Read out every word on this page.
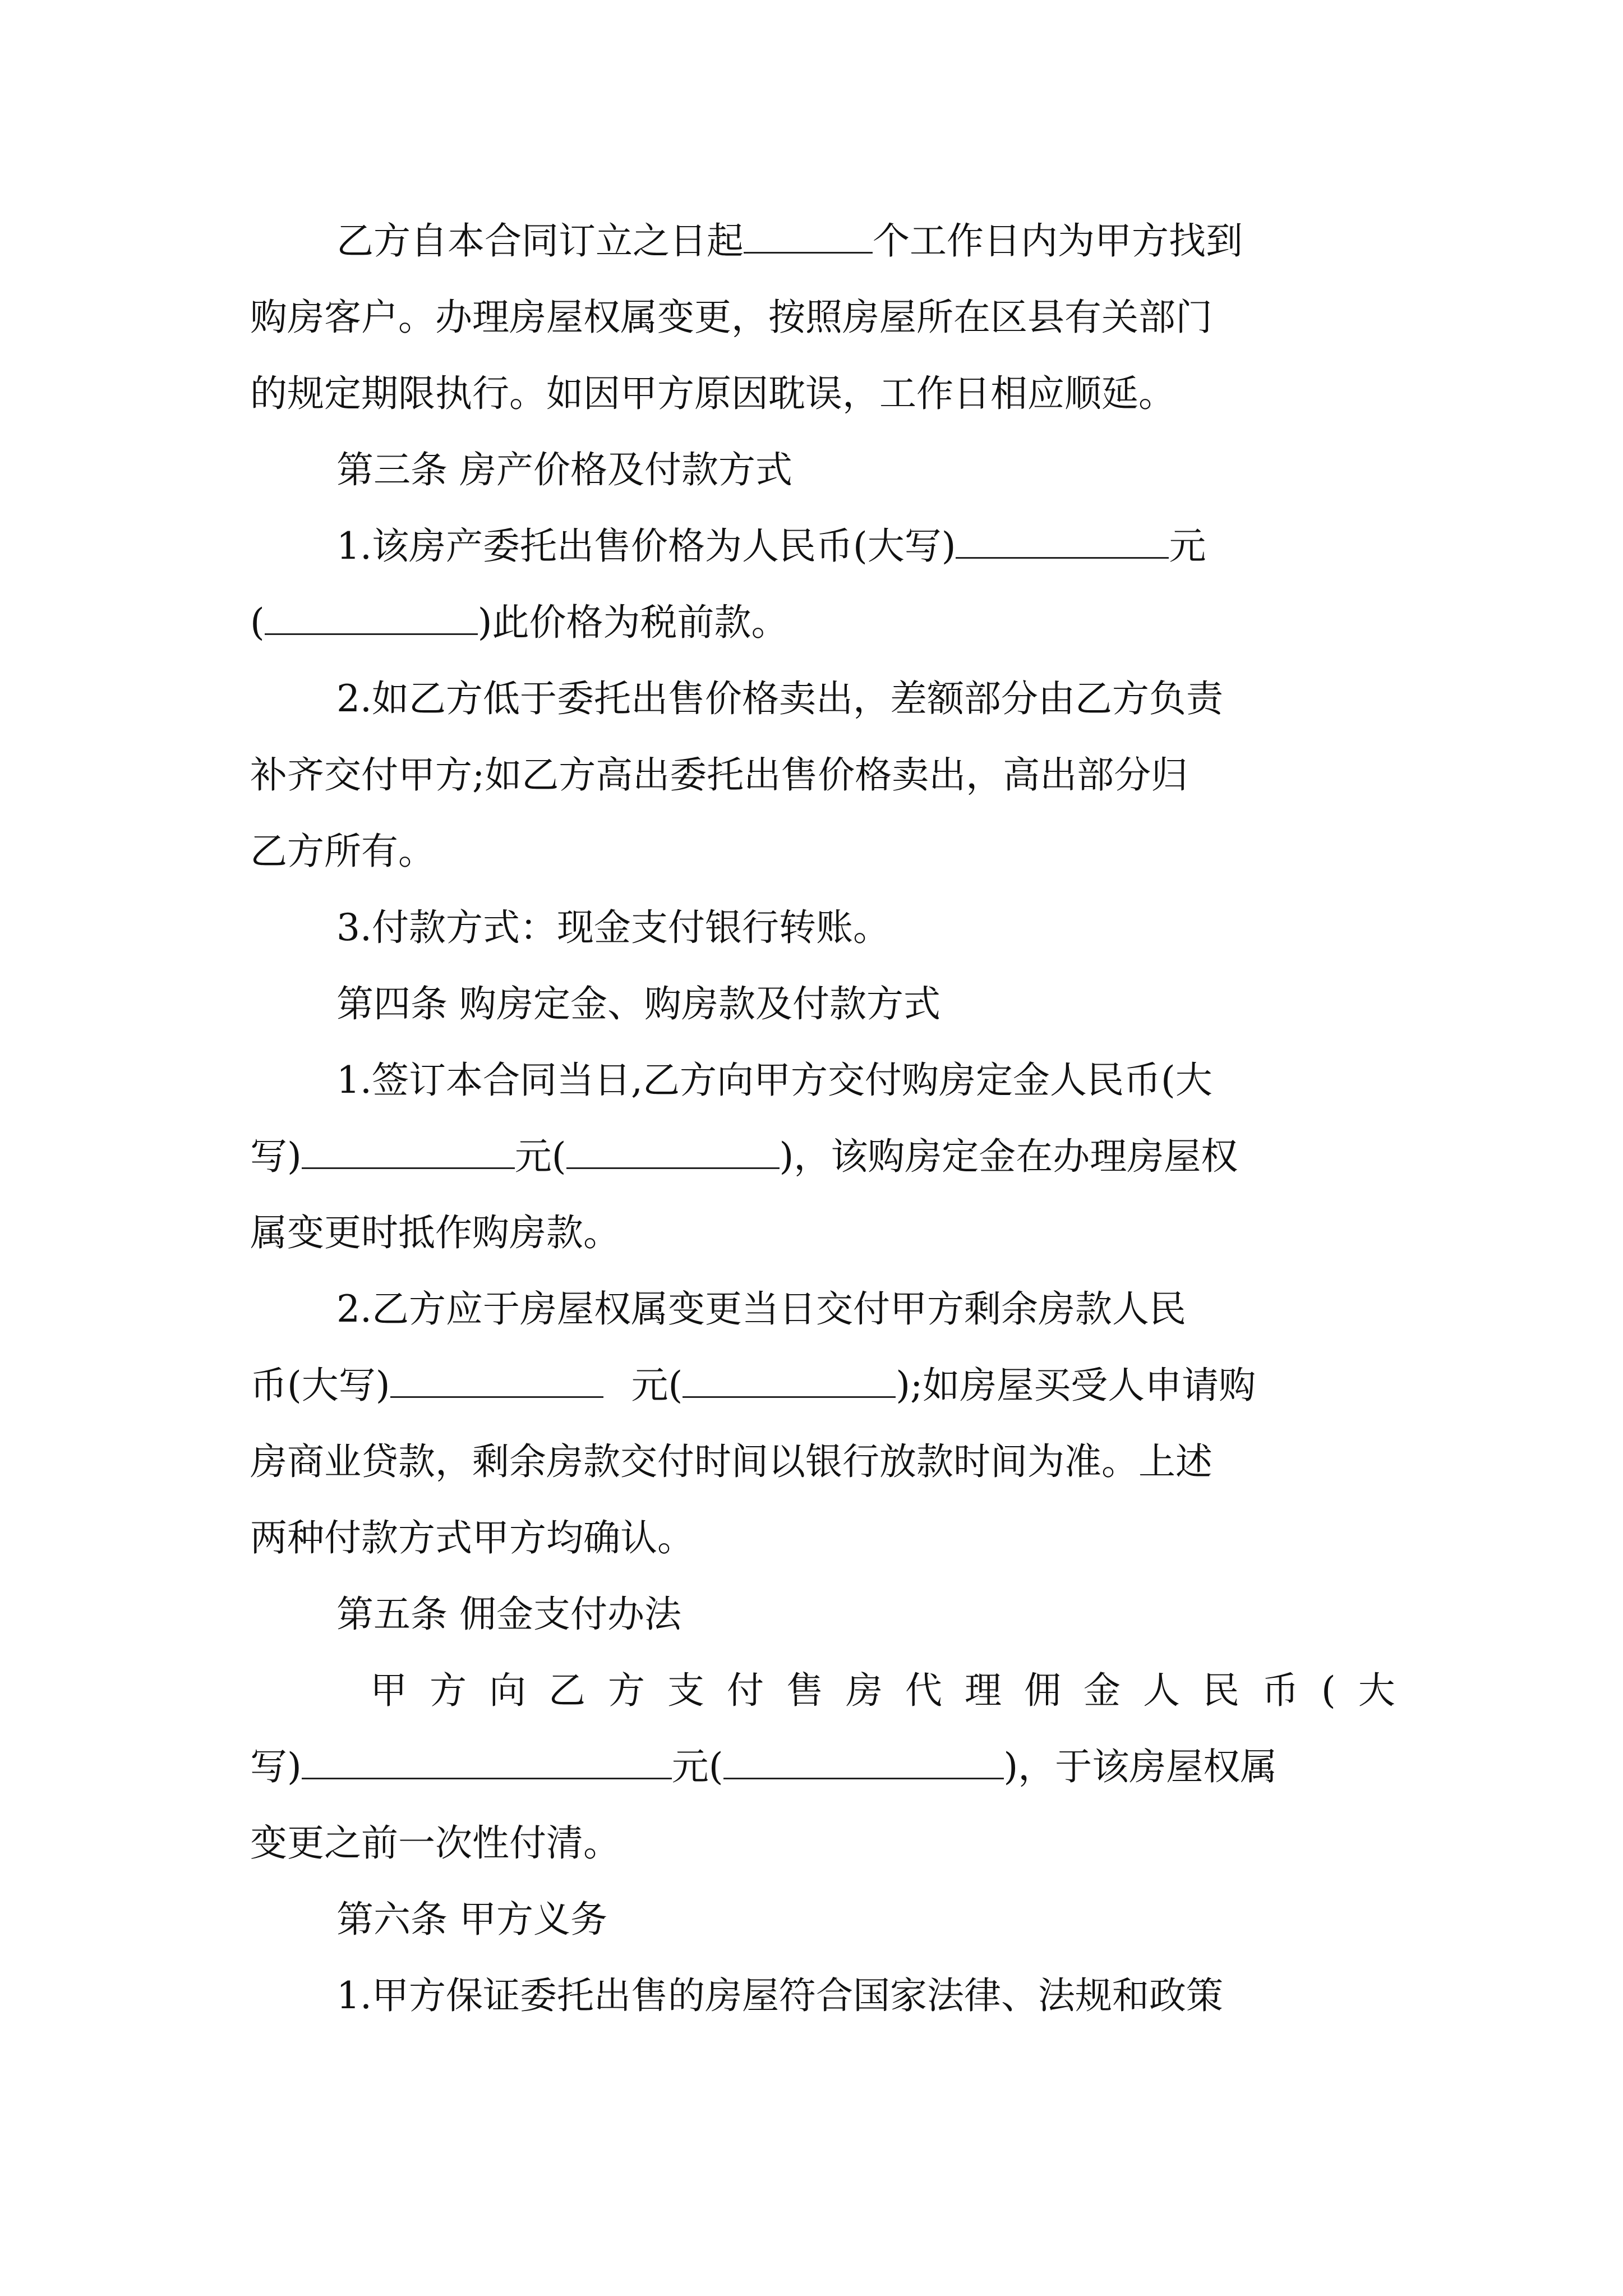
乙方自本合同订立之日起	个工作日内为甲方找到
购房客户。办理房屋权属变更，按照房屋所在区县有关部门
的规定期限执行。如因甲方原因耽误，工作日相应顺延。
第三条 房产价格及付款方式
1.该房产委托出售价格为人民币(大写)	元
(	)此价格为税前款。
2.如乙方低于委托出售价格卖出，差额部分由乙方负责
补齐交付甲方;如乙方高出委托出售价格卖出，高出部分归
乙方所有。
3.付款方式：现金支付银行转账。
第四条 购房定金、购房款及付款方式
1.签订本合同当日,乙方向甲方交付购房定金人民币(大
写)	元(	)，该购房定金在办理房屋权
属变更时抵作购房款。
2.乙方应于房屋权属变更当日交付甲方剩余房款人民
币(大写)	元(	);如房屋买受人申请购
房商业贷款，剩余房款交付时间以银行放款时间为准。上述
两种付款方式甲方均确认。
第五条 佣金支付办法
甲方向乙方支付售房代理佣金人民币(大
写)	元(	)，于该房屋权属
变更之前一次性付清。
第六条 甲方义务
1.甲方保证委托出售的房屋符合国家法律、法规和政策
